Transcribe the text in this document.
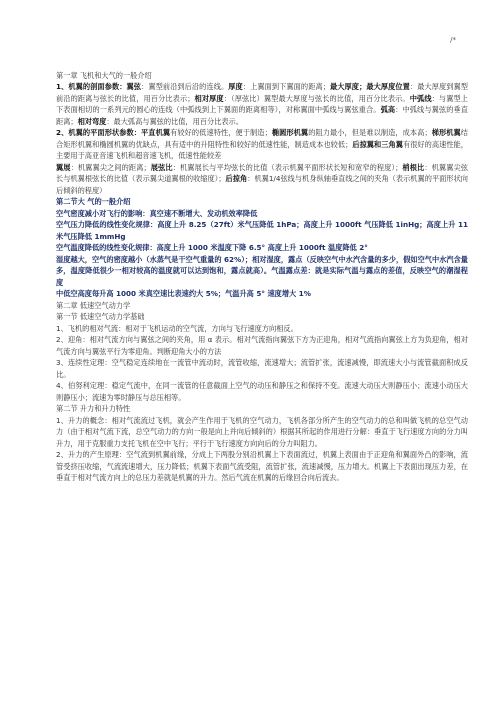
/*

第一章 飞机和大气的一般介绍

1、机翼的剖面参数：翼弦：翼型前沿到后沿的连线。厚度：上翼面到下翼面的距离；最大厚度；最大厚度位置：最大厚度到翼型前沿的距离与弦长的比值，用百分比表示；相对厚度：（厚弦比）翼型最大厚度与弦长的比值，用百分比表示。中弧线：与翼型上下表面相切的一系列元的圆心的连线（中弧线到上下翼面的距离相等），对称翼面中弧线与翼弦重合。弧高：中弧线与翼弦的垂直距离；相对弯度：最大弧高与翼弦的比值，用百分比表示。

2、机翼的平面形状参数：平直机翼有较好的低速特性，便于制造；椭圆形机翼的阻力最小，但是难以制造，成本高；梯形机翼结合矩形机翼和椭圆机翼的优缺点，具有适中的升阻特性和较好的低速性能，制造成本也较低；后掠翼和三角翼有很好的高速性能，主要用于高亚音速飞机和超音速飞机，低速性能较差

翼展：机翼翼尖之间的距离；展弦比：机翼展长与平均弦长的比值（表示机翼平面形状长短和宽窄的程度）；梢根比：机翼翼尖弦长与机翼根弦长的比值（表示翼尖道翼根的收缩度）；后掠角：机翼1/4弦线与机身纵轴垂直线之间的夹角（表示机翼的平面形状向后倾斜的程度）

第二节大 气的一般介绍

空气密度减小对飞行的影响：真空速不断增大、发动机效率降低

空气压力降低的线性变化规律：高度上升 8.25（27ft）米气压降低 1hPa；高度上升 1000ft 气压降低 1inHg；高度上升 11 米气压降低 1mmHg

空气温度降低的线性变化规律：高度上升 1000 米温度下降 6.5° 高度上升 1000ft 温度降低 2°

湿度越大，空气的密度越小（水蒸气是干空气重量的 62%）；相对湿度，露点（反映空气中水汽含量的多少，假如空气中水汽含量多，温度降低很少一相对较高的温度就可以达到饱和，露点就高）。气温露点差：就是实际气温与露点的差值，反映空气的潮湿程度

中低空高度每升高 1000 米真空速比表速约大 5%；气温升高 5° 速度增大 1%

第二章 低速空气动力学

第一节 低速空气动力学基础

1、飞机的相对气流：相对于飞机运动的空气流，方向与飞行速度方向相反。

2、迎角：相对气流方向与翼弦之间的夹角，用 α 表示。相对气流指向翼弦下方为正迎角，相对气流指向翼弦上方为负迎角，相对气流方向与翼弦平行为零迎角。判断迎角大小的方法

3、连续性定理：空气稳定连续地在一流管中流动时，流管收缩，流速增大；流管扩张，流速减慢，即流速大小与流管截面积成反比。

4、伯努利定理：稳定气流中，在同一流管的任意截面上空气的动压和静压之和保持不变。流速大动压大则静压小；流速小动压大则静压小；流速为零时静压与总压相等。

第二节 升力和升力特性

1、升力的概念：相对气流流过飞机，就会产生作用于飞机的空气动力，飞机各部分所产生的空气动力的总和叫做飞机的总空气动力（由于相对气流下流，总空气动力的方向一般是向上并向后倾斜的）根据其所起的作用进行分解：垂直于飞行速度方向的分力叫升力，用于克服重力支托飞机在空中飞行；平行于飞行速度方向向后的分力叫阻力。

2、升力的产生原理：空气流到机翼前缘，分成上下两股分别沿机翼上下表面流过，机翼上表面由于正迎角和翼面外凸的影响，流管受挤压收缩，气流流速增大，压力降低；机翼下表面气流受阻，流管扩张，流速减慢，压力增大。机翼上下表面出现压力差，在垂直于相对气流方向上的总压力差就是机翼的升力。然后气流在机翼的后缘回合向后流去。
